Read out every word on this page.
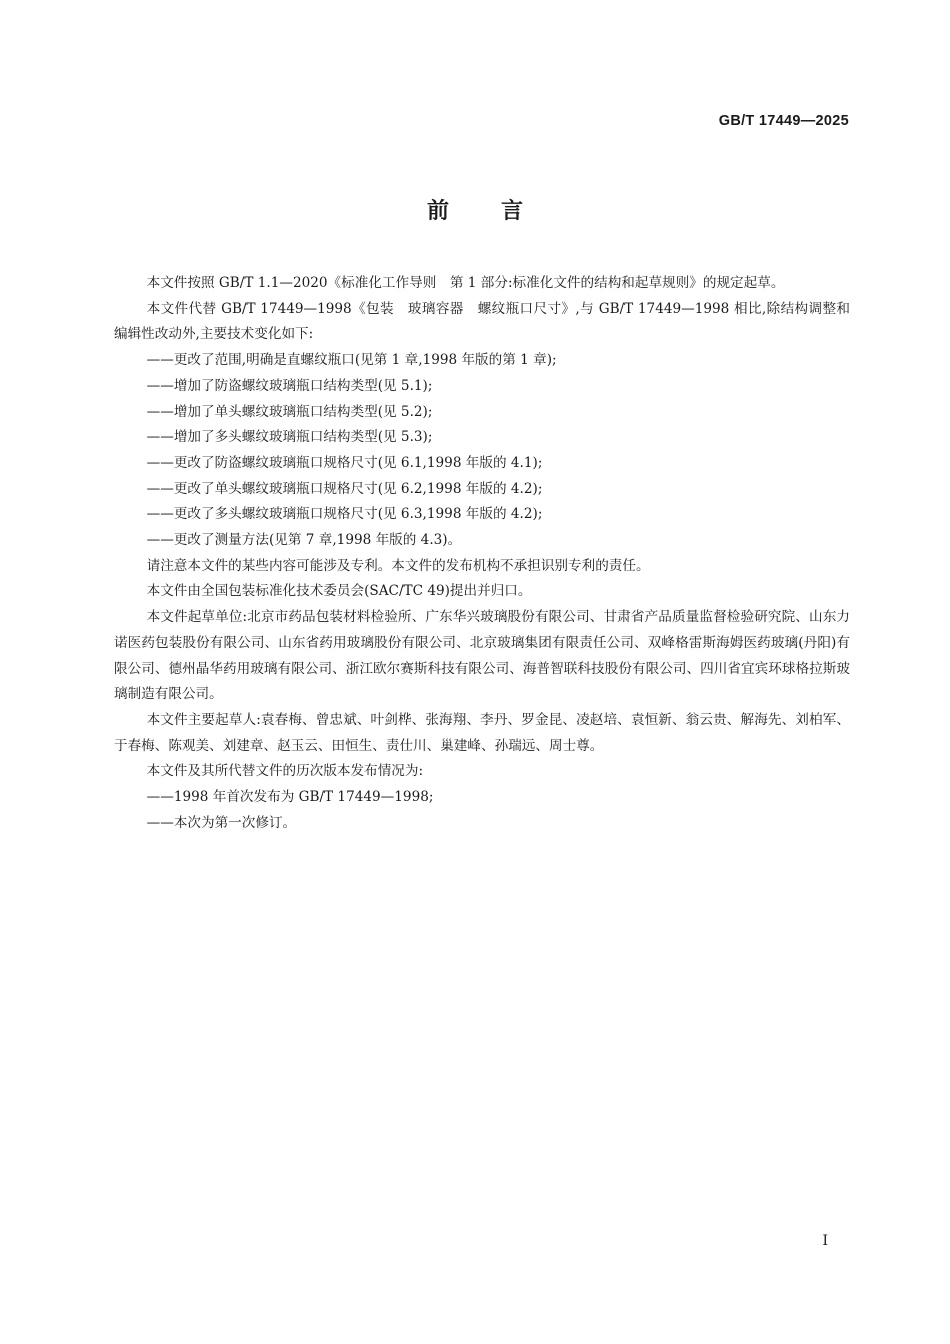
GB/T 17449—2025
前 言

本文件按照 GB/T 1.1—2020《标准化工作导则　第 1 部分:标准化文件的结构和起草规则》的规定起草。

本文件代替 GB/T 17449—1998《包装　玻璃容器　螺纹瓶口尺寸》,与 GB/T 17449—1998 相比,除结构调整和编辑性改动外,主要技术变化如下:

——更改了范围,明确是直螺纹瓶口(见第 1 章,1998 年版的第 1 章);

——增加了防盗螺纹玻璃瓶口结构类型(见 5.1);

——增加了单头螺纹玻璃瓶口结构类型(见 5.2);

——增加了多头螺纹玻璃瓶口结构类型(见 5.3);

——更改了防盗螺纹玻璃瓶口规格尺寸(见 6.1,1998 年版的 4.1);

——更改了单头螺纹玻璃瓶口规格尺寸(见 6.2,1998 年版的 4.2);

——更改了多头螺纹玻璃瓶口规格尺寸(见 6.3,1998 年版的 4.2);

——更改了测量方法(见第 7 章,1998 年版的 4.3)。

请注意本文件的某些内容可能涉及专利。本文件的发布机构不承担识别专利的责任。

本文件由全国包装标准化技术委员会(SAC/TC 49)提出并归口。

本文件起草单位:北京市药品包装材料检验所、广东华兴玻璃股份有限公司、甘肃省产品质量监督检验研究院、山东力诺医药包装股份有限公司、山东省药用玻璃股份有限公司、北京玻璃集团有限责任公司、双峰格雷斯海姆医药玻璃(丹阳)有限公司、德州晶华药用玻璃有限公司、浙江欧尔赛斯科技有限公司、海普智联科技股份有限公司、四川省宜宾环球格拉斯玻璃制造有限公司。

本文件主要起草人:袁春梅、曾忠斌、叶剑桦、张海翔、李丹、罗金昆、凌赵培、袁恒新、翁云贵、解海先、刘柏军、于春梅、陈观美、刘建章、赵玉云、田恒生、责仕川、巢建峰、孙瑞远、周士尊。

本文件及其所代替文件的历次版本发布情况为:

——1998 年首次发布为 GB/T 17449—1998;

——本次为第一次修订。

I
